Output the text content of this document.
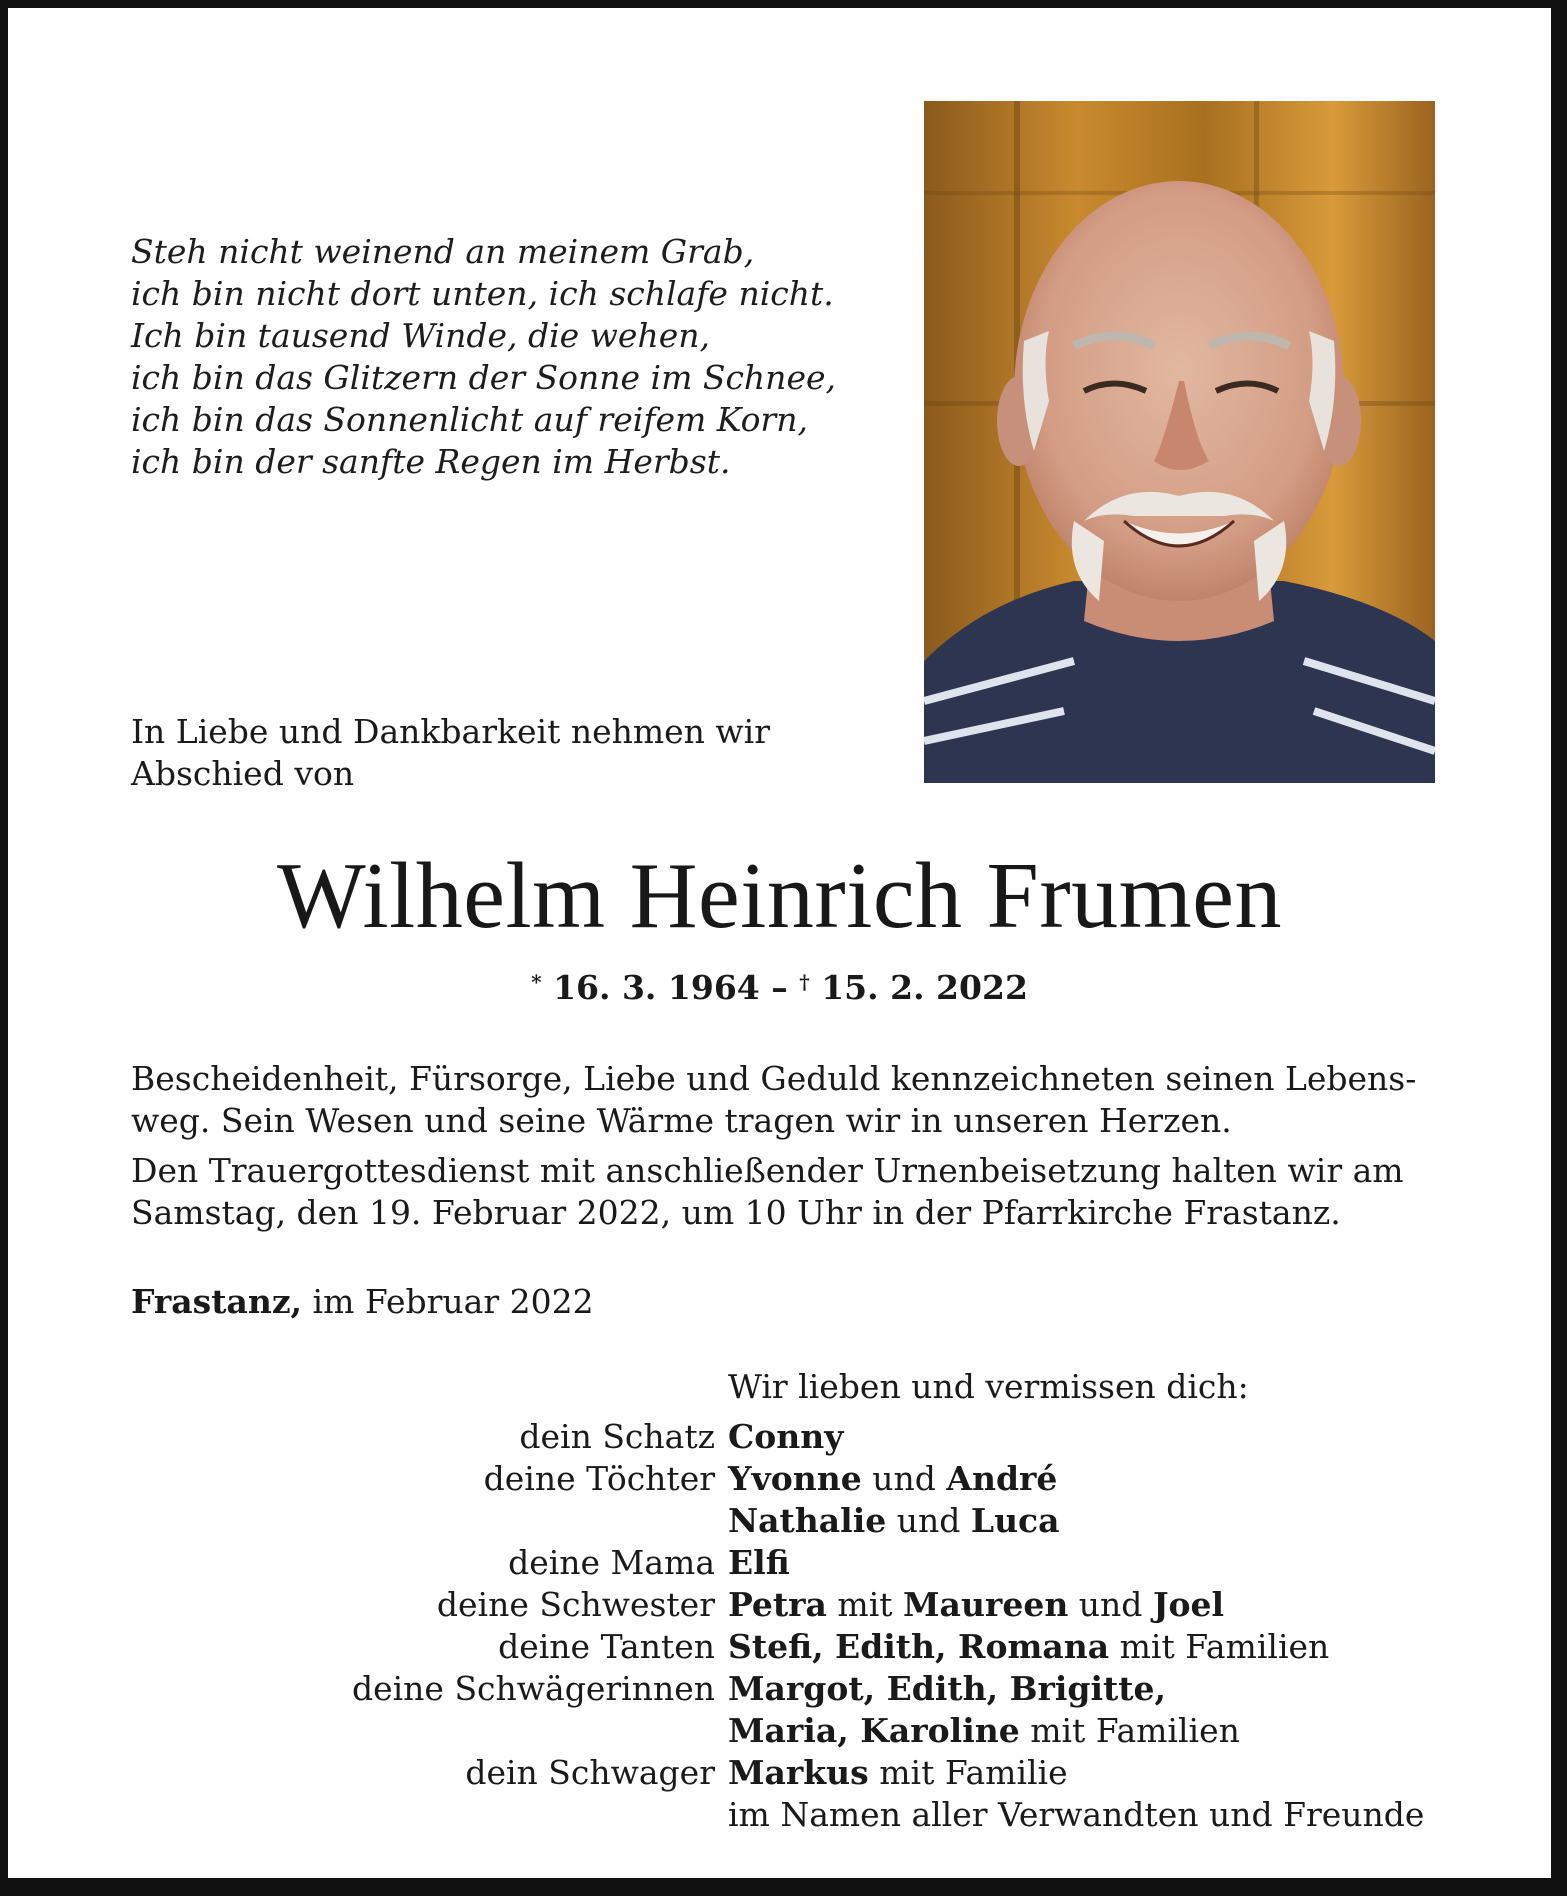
Steh nicht weinend an meinem Grab,
ich bin nicht dort unten, ich schlafe nicht.
Ich bin tausend Winde, die wehen,
ich bin das Glitzern der Sonne im Schnee,
ich bin das Sonnenlicht auf reifem Korn,
ich bin der sanfte Regen im Herbst.
In Liebe und Dankbarkeit nehmen wir
Abschied von
Wilhelm Heinrich Frumen
* 16. 3. 1964 – † 15. 2. 2022

Bescheidenheit, Fürsorge, Liebe und Geduld kennzeichneten seinen Lebens-
weg. Sein Wesen und seine Wärme tragen wir in unseren Herzen.

Den Trauergottesdienst mit anschließender Urnenbeisetzung halten wir am
Samstag, den 19. Februar 2022, um 10 Uhr in der Pfarrkirche Frastanz.

Frastanz, im Februar 2022
Wir lieben und vermissen dich:
dein Schatz Conny
deine Töchter Yvonne und André
Nathalie und Luca
deine Mama Elfi
deine Schwester Petra mit Maureen und Joel
deine Tanten Stefi, Edith, Romana mit Familien
deine Schwägerinnen Margot, Edith, Brigitte,
Maria, Karoline mit Familien
dein Schwager Markus mit Familie
im Namen aller Verwandten und Freunde
